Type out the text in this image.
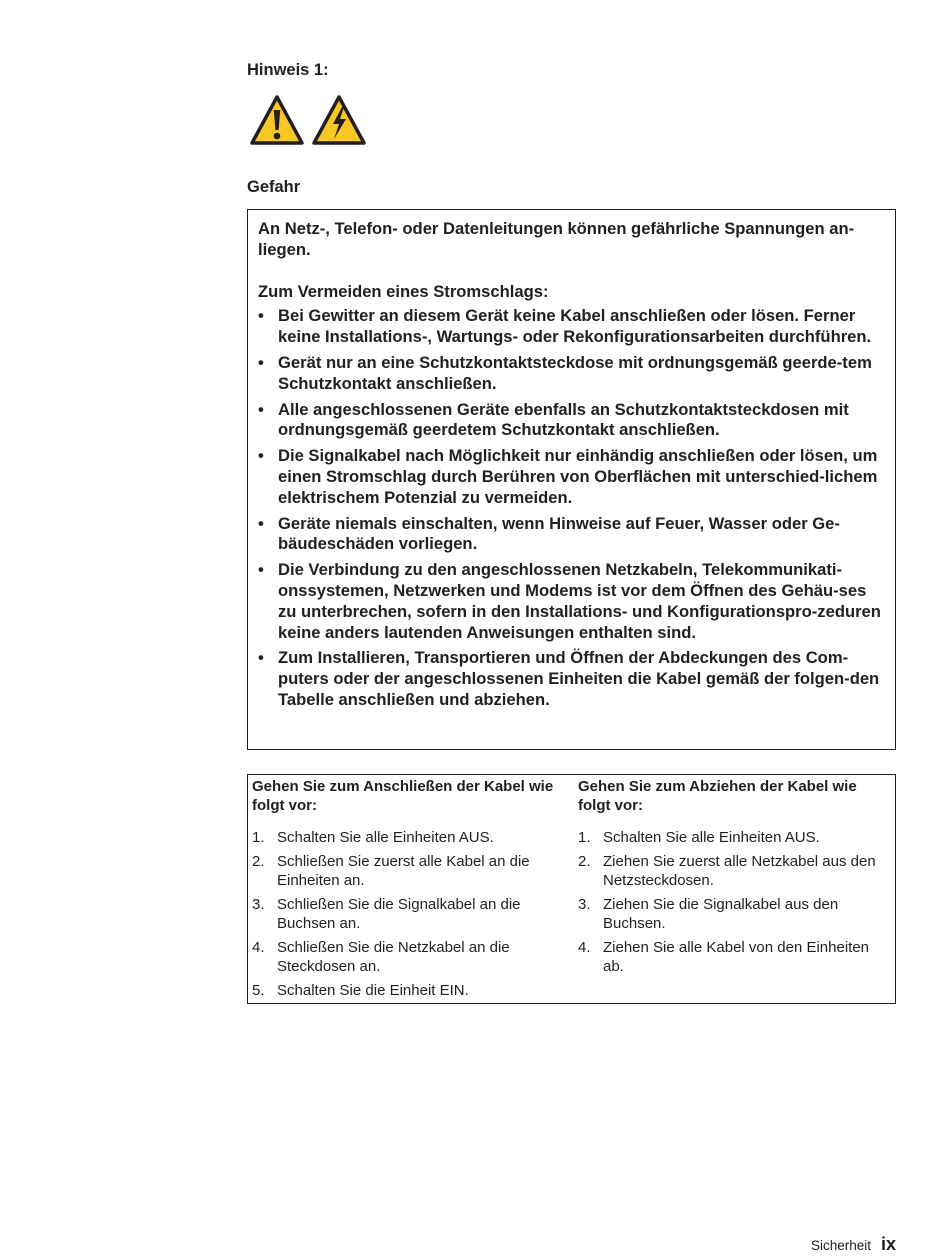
Hinweis 1:
Gefahr

An Netz-, Telefon- oder Datenleitungen können gefährliche Spannungen an-liegen.

Zum Vermeiden eines Stromschlags:

• Bei Gewitter an diesem Gerät keine Kabel anschließen oder lösen. Ferner keine Installations-, Wartungs- oder Rekonfigurationsarbeiten durchführen.
• Gerät nur an eine Schutzkontaktsteckdose mit ordnungsgemäß geerde-tem Schutzkontakt anschließen.
• Alle angeschlossenen Geräte ebenfalls an Schutzkontaktsteckdosen mit ordnungsgemäß geerdetem Schutzkontakt anschließen.
• Die Signalkabel nach Möglichkeit nur einhändig anschließen oder lösen, um einen Stromschlag durch Berühren von Oberflächen mit unterschied-lichem elektrischem Potenzial zu vermeiden.
• Geräte niemals einschalten, wenn Hinweise auf Feuer, Wasser oder Ge-bäudeschäden vorliegen.
• Die Verbindung zu den angeschlossenen Netzkabeln, Telekommunikati-onssystemen, Netzwerken und Modems ist vor dem Öffnen des Gehäu-ses zu unterbrechen, sofern in den Installations- und Konfigurationspro-zeduren keine anders lautenden Anweisungen enthalten sind.
• Zum Installieren, Transportieren und Öffnen der Abdeckungen des Com-puters oder der angeschlossenen Einheiten die Kabel gemäß der folgen-den Tabelle anschließen und abziehen.

Gehen Sie zum Anschließen der Kabel wie folgt vor:

1. Schalten Sie alle Einheiten AUS.
2. Schließen Sie zuerst alle Kabel an die Einheiten an.
3. Schließen Sie die Signalkabel an die Buchsen an.
4. Schließen Sie die Netzkabel an die Steckdosen an.
5. Schalten Sie die Einheit EIN.

Gehen Sie zum Abziehen der Kabel wie folgt vor:

1. Schalten Sie alle Einheiten AUS.
2. Ziehen Sie zuerst alle Netzkabel aus den Netzsteckdosen.
3. Ziehen Sie die Signalkabel aus den Buchsen.
4. Ziehen Sie alle Kabel von den Einheiten ab.
Sicherheit ix
